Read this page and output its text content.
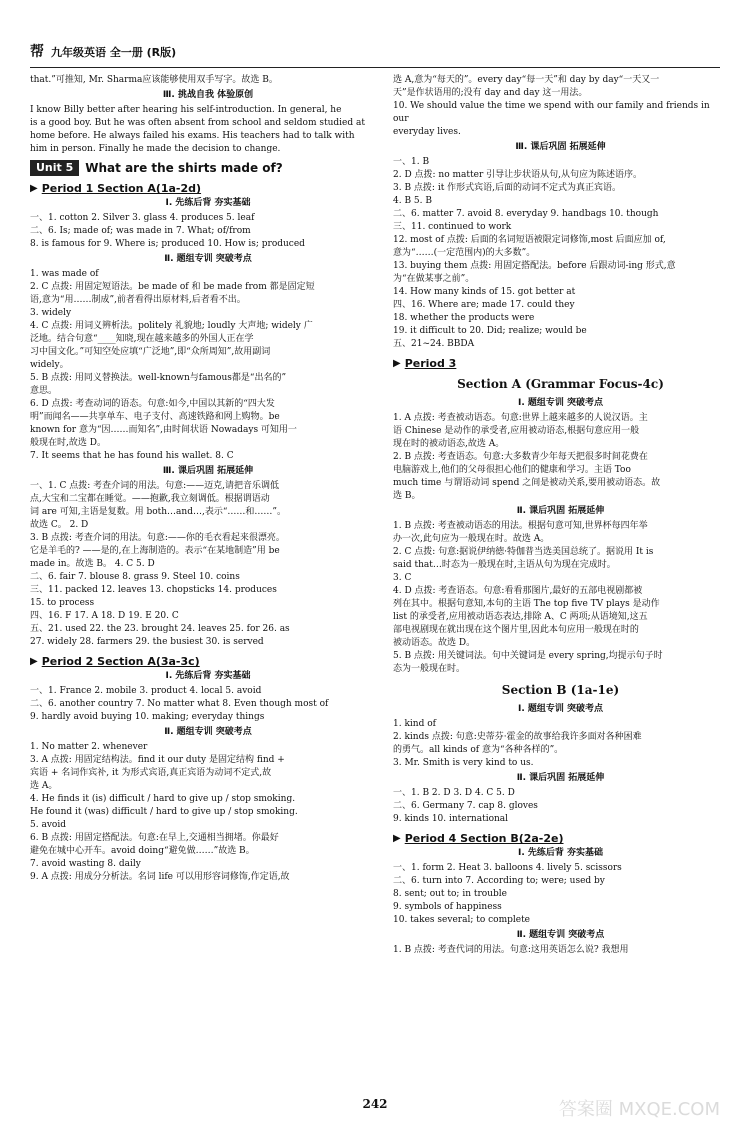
帮 九年级英语 全一册 (R版)
that.”可推知, Mr. Sharma应该能够使用双手写字。故选 B。
Ⅲ. 挑战自我 体验原创
I know Billy better after hearing his self-introduction. In general, he
is a good boy. But he was often absent from school and seldom studied at
home before. He always failed his exams. His teachers had to talk with
him in person. Finally he made the decision to change.
Unit 5	What are the shirts made of?
▶ Period 1 Section A(1a-2d)
Ⅰ. 先练后背 夯实基础
一、1. cotton 2. Silver 3. glass 4. produces 5. leaf
二、6. Is; made of; was made in 7. What; of/from
8. is famous for 9. Where is; produced 10. How is; produced
Ⅱ. 题组专训 突破考点
1. was made of
2. C 点拨: 用固定短语法。be made of 和 be made from 都是固定短
语,意为“用……制成”,前者看得出原材料,后者看不出。
3. widely
4. C 点拨: 用词义辨析法。politely 礼貌地; loudly 大声地; widely 广
泛地。结合句意“____知晓,现在越来越多的外国人正在学
习中国文化。”可知空处应填“广泛地”,即“众所周知”,故用副词
widely。
5. B 点拨: 用同义替换法。well-known与famous都是“出名的”
意思。
6. D 点拨: 考查动词的语态。句意:如今,中国以其新的“四大发
明”而闻名——共享单车、电子支付、高速铁路和网上购物。be
known for 意为“因……而知名”,由时间状语 Nowadays 可知用一
般现在时,故选 D。
7. It seems that he has found his wallet. 8. C
Ⅲ. 课后巩固 拓展延伸
一、1. C 点拨: 考查介词的用法。句意:——迈克,请把音乐调低
点,大宝和二宝都在睡觉。——抱歉,我立刻调低。根据谓语动
词 are 可知,主语是复数。用 both…and…,表示“……和……”。
故选 C。 2. D
3. B 点拨: 考查介词的用法。句意:——你的毛衣看起来很漂亮。
它是羊毛的? ——是的,在上海制造的。表示“在某地制造”用 be
made in。故选 B。 4. C 5. D
二、6. fair 7. blouse 8. grass 9. Steel 10. coins
三、11. packed 12. leaves 13. chopsticks 14. produces
15. to process
四、16. F 17. A 18. D 19. E 20. C
五、21. used 22. the 23. brought 24. leaves 25. for 26. as
27. widely 28. farmers 29. the busiest 30. is served
▶ Period 2 Section A(3a-3c)
Ⅰ. 先练后背 夯实基础
一、1. France 2. mobile 3. product 4. local 5. avoid
二、6. another country 7. No matter what 8. Even though most of
9. hardly avoid buying 10. making; everyday things
Ⅱ. 题组专训 突破考点
1. No matter 2. whenever
3. A 点拨: 用固定结构法。find it our duty 是固定结构 find +
宾语 + 名词作宾补, it 为形式宾语,真正宾语为动词不定式,故
选 A。
4. He finds it (is) difficult / hard to give up / stop smoking.
He found it (was) difficult / hard to give up / stop smoking.
5. avoid
6. B 点拨: 用固定搭配法。句意:在早上,交通相当拥堵。你最好
避免在城中心开车。avoid doing“避免做……”故选 B。
7. avoid wasting 8. daily
9. A 点拨: 用成分分析法。名词 life 可以用形容词修饰,作定语,故
选 A,意为“每天的”。every day“每一天”和 day by day“一天又一
天”是作状语用的;没有 day and day 这一用法。
10. We should value the time we spend with our family and friends in our
everyday lives.
Ⅲ. 课后巩固 拓展延伸
一、1. B
2. D 点拨: no matter 引导让步状语从句,从句应为陈述语序。
3. B 点拨: it 作形式宾语,后面的动词不定式为真正宾语。
4. B 5. B
二、6. matter 7. avoid 8. everyday 9. handbags 10. though
三、11. continued to work
12. most of 点拨: 后面的名词短语被限定词修饰,most 后面应加 of,
意为“……(一定范围内)的大多数”。
13. buying them 点拨: 用固定搭配法。before 后跟动词-ing 形式,意
为“在做某事之前”。
14. How many kinds of 15. got better at
四、16. Where are; made 17. could they
18. whether the products were
19. it difficult to 20. Did; realize; would be
五、21~24. BBDA
▶ Period 3
Section A (Grammar Focus-4c)
Ⅰ. 题组专训 突破考点
1. A 点拨: 考查被动语态。句意:世界上越来越多的人说汉语。主
语 Chinese 是动作的承受者,应用被动语态,根据句意应用一般
现在时的被动语态,故选 A。
2. B 点拨: 考查语态。句意:大多数青少年每天把很多时间花费在
电脑游戏上,他们的父母很担心他们的健康和学习。主语 Too
much time 与谓语动词 spend 之间是被动关系,要用被动语态。故
选 B。
Ⅱ. 课后巩固 拓展延伸
1. B 点拨: 考查被动语态的用法。根据句意可知,世界杯每四年举
办一次,此句应为一般现在时。故选 A。
2. C 点拨: 句意:据说伊纳徳·特伽普当选美国总统了。据说用 It is
said that…时态为一般现在时,主语从句为现在完成时。
3. C
4. D 点拨: 考查语态。句意:看看那图片,最好的五部电视剧都被
列在其中。根据句意知,本句的主语 The top five TV plays 是动作
list 的承受者,应用被动语态表达,排除 A、C 两项;从语境知,这五
部电视剧现在就出现在这个图片里,因此本句应用一般现在时的
被动语态。故选 D。
5. B 点拨: 用关键词法。句中关键词是 every spring,均提示句子时
态为一般现在时。
Section B (1a-1e)
Ⅰ. 题组专训 突破考点
1. kind of
2. kinds 点拨: 句意:史蒂芬·霍金的故事给我许多面对各种困难
的勇气。all kinds of 意为“各种各样的”。
3. Mr. Smith is very kind to us.
Ⅱ. 课后巩固 拓展延伸
一、1. B 2. D 3. D 4. C 5. D
二、6. Germany 7. cap 8. gloves
9. kinds 10. international
▶ Period 4 Section B(2a-2e)
Ⅰ. 先练后背 夯实基础
一、1. form 2. Heat 3. balloons 4. lively 5. scissors
二、6. turn into 7. According to; were; used by
8. sent; out to; in trouble
9. symbols of happiness
10. takes several; to complete
Ⅱ. 题组专训 突破考点
1. B 点拨: 考查代词的用法。句意:这用英语怎么说? 我想用
242	答案圈 MXQE.COM
